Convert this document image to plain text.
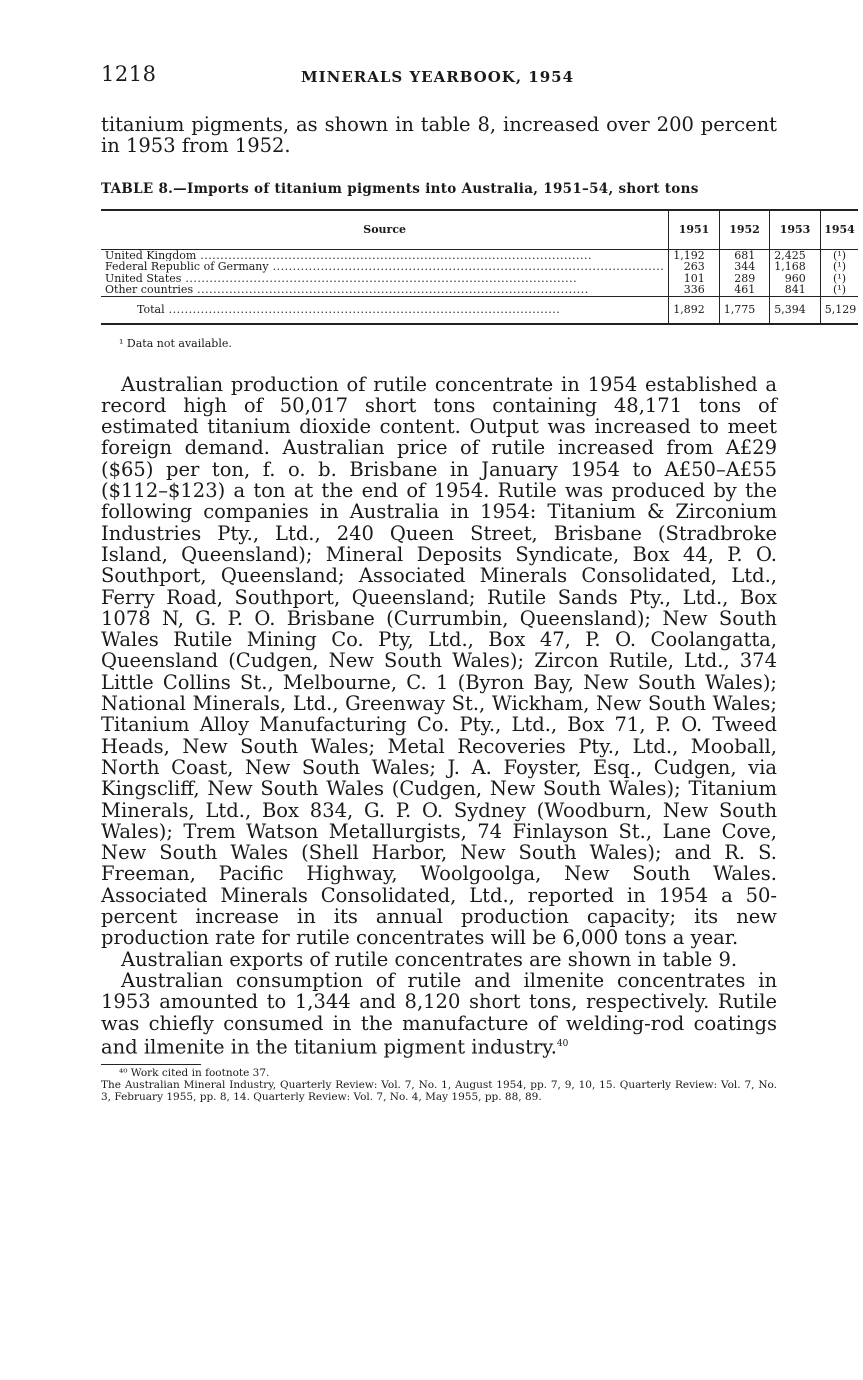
1218	MINERALS YEARBOOK, 1954

titanium pigments, as shown in table 8, increased over 200 percent in 1953 from 1952.

TABLE 8.—Imports of titanium pigments into Australia, 1951–54, short tons
Source	1951	1952	1953	1954
United Kingdom .....	1,192	681	2,425	(¹)
Federal Republic of Germany .....	263	344	1,168	(¹)
United States .....	101	289	960	(¹)
Other countries .....	336	461	841	(¹)
Total .....	1,892	1,775	5,394	5,129

¹ Data not available.

Australian production of rutile concentrate in 1954 established a record high of 50,017 short tons containing 48,171 tons of estimated titanium dioxide content. Output was increased to meet foreign demand. Australian price of rutile increased from A£29 ($65) per ton, f. o. b. Brisbane in January 1954 to A£50–A£55 ($112–$123) a ton at the end of 1954. Rutile was produced by the following companies in Australia in 1954: Titanium & Zirconium Industries Pty., Ltd., 240 Queen Street, Brisbane (Stradbroke Island, Queensland); Mineral Deposits Syndicate, Box 44, P. O. Southport, Queensland; Associated Minerals Consolidated, Ltd., Ferry Road, Southport, Queensland; Rutile Sands Pty., Ltd., Box 1078 N, G. P. O. Brisbane (Currumbin, Queensland); New South Wales Rutile Mining Co. Pty, Ltd., Box 47, P. O. Coolangatta, Queensland (Cudgen, New South Wales); Zircon Rutile, Ltd., 374 Little Collins St., Melbourne, C. 1 (Byron Bay, New South Wales); National Minerals, Ltd., Greenway St., Wickham, New South Wales; Titanium Alloy Manufacturing Co. Pty., Ltd., Box 71, P. O. Tweed Heads, New South Wales; Metal Recoveries Pty., Ltd., Mooball, North Coast, New South Wales; J. A. Foyster, Esq., Cudgen, via Kingscliff, New South Wales (Cudgen, New South Wales); Titanium Minerals, Ltd., Box 834, G. P. O. Sydney (Woodburn, New South Wales); Trem Watson Metallurgists, 74 Finlayson St., Lane Cove, New South Wales (Shell Harbor, New South Wales); and R. S. Freeman, Pacific Highway, Woolgoolga, New South Wales. Associated Minerals Consolidated, Ltd., reported in 1954 a 50-percent increase in its annual production capacity; its new production rate for rutile concentrates will be 6,000 tons a year.

Australian exports of rutile concentrates are shown in table 9.

Australian consumption of rutile and ilmenite concentrates in 1953 amounted to 1,344 and 8,120 short tons, respectively. Rutile was chiefly consumed in the manufacture of welding-rod coatings and ilmenite in the titanium pigment industry.$^{40}$

⁴⁰ Work cited in footnote 37.

The Australian Mineral Industry, Quarterly Review: Vol. 7, No. 1, August 1954, pp. 7, 9, 10, 15. Quarterly Review: Vol. 7, No. 3, February 1955, pp. 8, 14. Quarterly Review: Vol. 7, No. 4, May 1955, pp. 88, 89.
